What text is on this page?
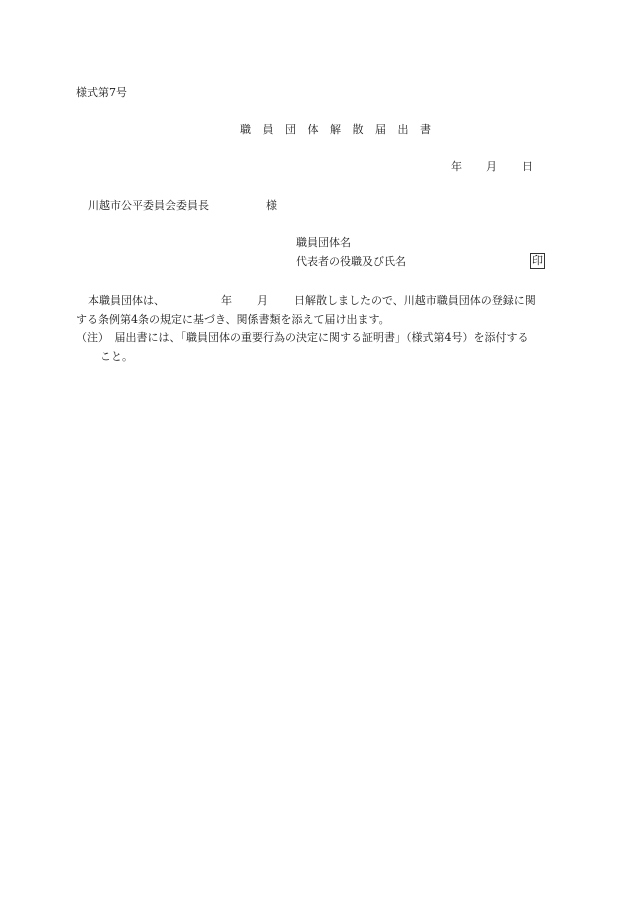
様式第7号
職 員 団 体 解 散 届 出 書
年 月 日
川越市公平委員会委員長	様
職員団体名
代表者の役職及び氏名	印
本職員団体は、	年 月 日解散しましたので、川越市職員団体の登録に関
する条例第4条の規定に基づき、関係書類を添えて届け出ます。
（注）　届出書には、「職員団体の重要行為の決定に関する証明書」（様式第4号）を添付する
こと。
